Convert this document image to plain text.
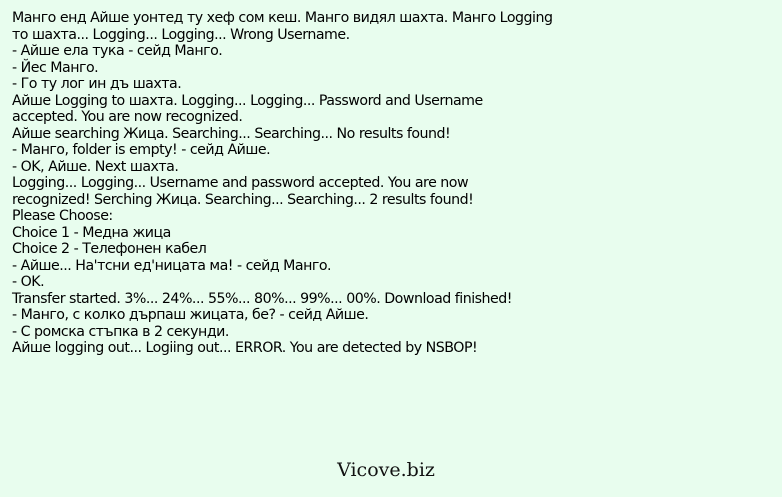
Манго енд Айше уонтед ту хеф сом кеш. Манго видял шахта. Манго Logging
то шахта... Logging... Logging... Wrong Username.
- Айше ела тука - сейд Манго.
- Йес Манго.
- Го ту лог ин дъ шахта.
Айше Logging to шахта. Logging... Logging... Password and Username
accepted. You are now recognized.
Айше searching Жица. Searching... Searching... No results found!
- Манго, folder is empty! - сейд Айше.
- OK, Айше. Next шахта.
Logging... Logging... Username and password accepted. You are now
recognized! Serching Жица. Searching... Searching... 2 results found!
Please Choose:
Choice 1 - Медна жица
Choice 2 - Телефонен кабел
- Айше... На'тсни ед'ницата ма! - сейд Манго.
- OK.
Transfer started. 3%... 24%... 55%... 80%... 99%... 00%. Download finished!
- Манго, с колко дърпаш жицата, бе? - сейд Айше.
- С ромска стъпка в 2 секунди.
Айше logging out... Logiing out... ERROR. You are detected by NSBOP!
Vicove.biz
